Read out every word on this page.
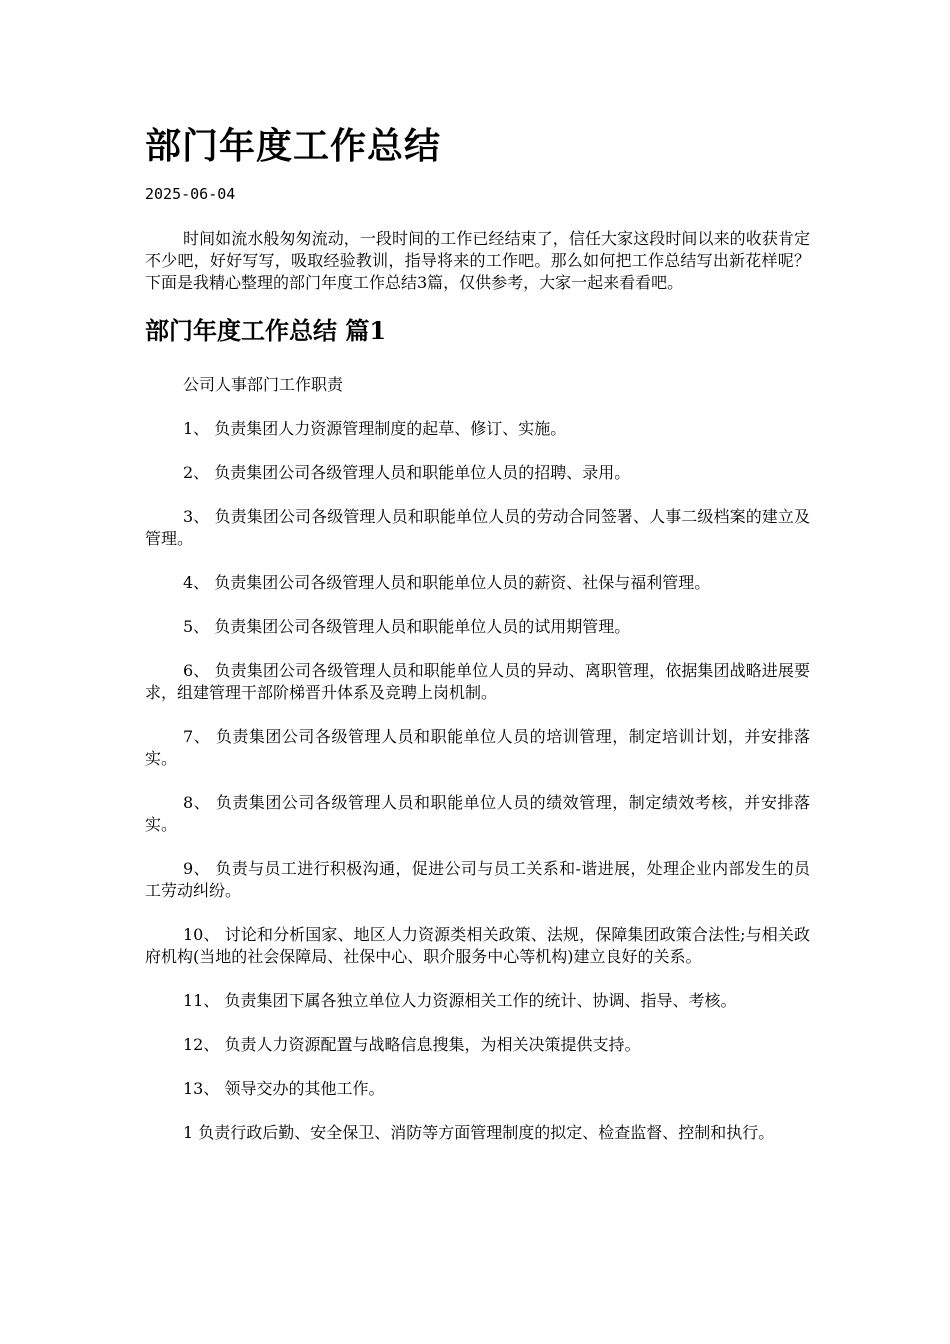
部门年度工作总结
2025-06-04

时间如流水般匆匆流动，一段时间的工作已经结束了，信任大家这段时间以来的收获肯定不少吧，好好写写，吸取经验教训，指导将来的工作吧。那么如何把工作总结写出新花样呢？下面是我精心整理的部门年度工作总结3篇，仅供参考，大家一起来看看吧。

部门年度工作总结 篇1

公司人事部门工作职责

1、 负责集团人力资源管理制度的起草、修订、实施。

2、 负责集团公司各级管理人员和职能单位人员的招聘、录用。

3、 负责集团公司各级管理人员和职能单位人员的劳动合同签署、人事二级档案的建立及管理。

4、 负责集团公司各级管理人员和职能单位人员的薪资、社保与福利管理。

5、 负责集团公司各级管理人员和职能单位人员的试用期管理。

6、 负责集团公司各级管理人员和职能单位人员的异动、离职管理，依据集团战略进展要求，组建管理干部阶梯晋升体系及竞聘上岗机制。

7、 负责集团公司各级管理人员和职能单位人员的培训管理，制定培训计划，并安排落实。

8、 负责集团公司各级管理人员和职能单位人员的绩效管理，制定绩效考核，并安排落实。

9、 负责与员工进行积极沟通，促进公司与员工关系和-谐进展，处理企业内部发生的员工劳动纠纷。

10、 讨论和分析国家、地区人力资源类相关政策、法规，保障集团政策合法性;与相关政府机构(当地的社会保障局、社保中心、职介服务中心等机构)建立良好的关系。

11、 负责集团下属各独立单位人力资源相关工作的统计、协调、指导、考核。

12、 负责人力资源配置与战略信息搜集，为相关决策提供支持。

13、 领导交办的其他工作。

1 负责行政后勤、安全保卫、消防等方面管理制度的拟定、检查监督、控制和执行。
